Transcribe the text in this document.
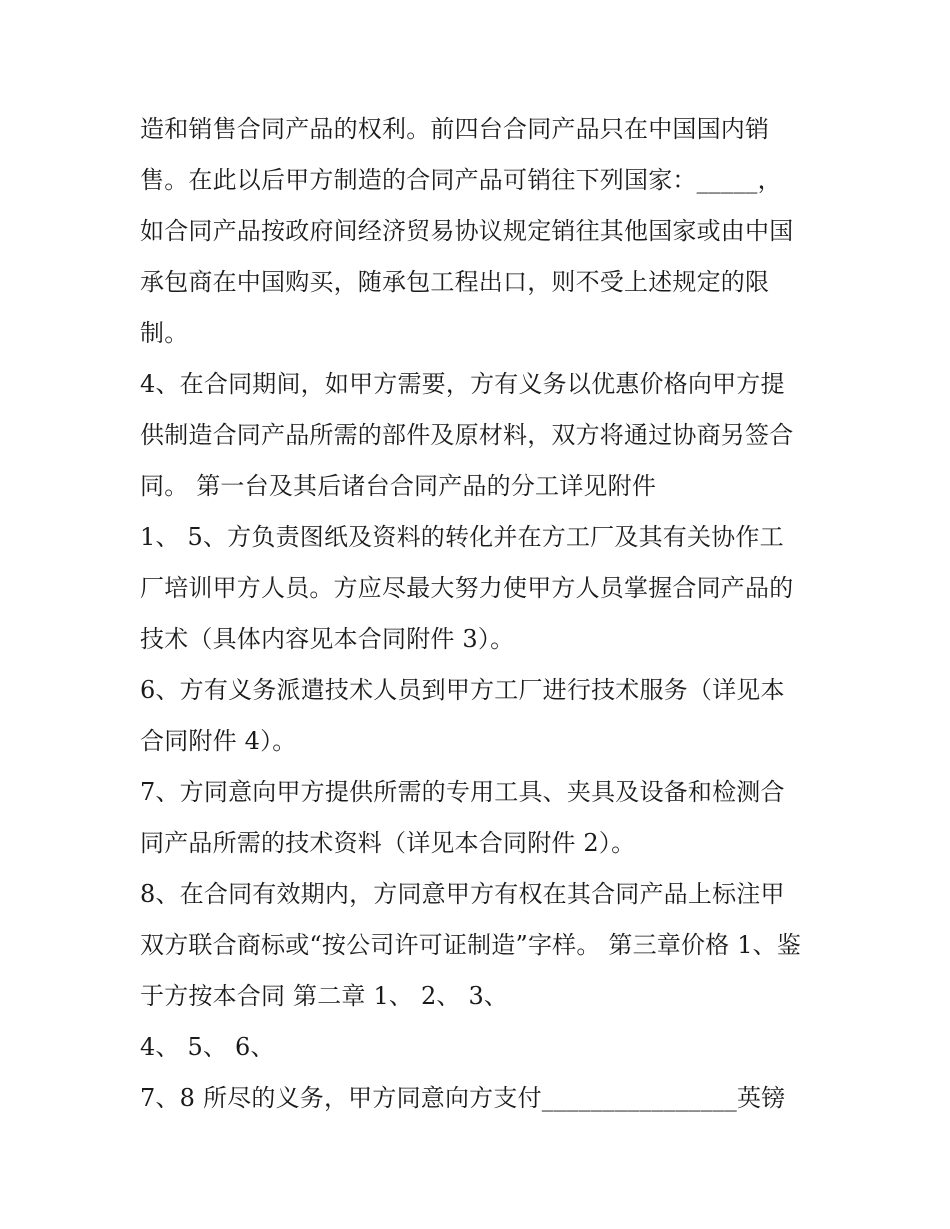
造和销售合同产品的权利。前四台合同产品只在中国国内销
售。在此以后甲方制造的合同产品可销往下列国家：_____，
如合同产品按政府间经济贸易协议规定销往其他国家或由中国
承包商在中国购买，随承包工程出口，则不受上述规定的限
制。
4、在合同期间，如甲方需要，方有义务以优惠价格向甲方提
供制造合同产品所需的部件及原材料，双方将通过协商另签合
同。 第一台及其后诸台合同产品的分工详见附件
1、 5、方负责图纸及资料的转化并在方工厂及其有关协作工
厂培训甲方人员。方应尽最大努力使甲方人员掌握合同产品的
技术（具体内容见本合同附件 3）。
6、方有义务派遣技术人员到甲方工厂进行技术服务（详见本
合同附件 4）。
7、方同意向甲方提供所需的专用工具、夹具及设备和检测合
同产品所需的技术资料（详见本合同附件 2）。
8、在合同有效期内，方同意甲方有权在其合同产品上标注甲
双方联合商标或“按公司许可证制造”字样。 第三章价格 1、鉴
于方按本合同 第二章 1、 2、 3、
4、 5、 6、
7、8 所尽的义务，甲方同意向方支付________________英镑
